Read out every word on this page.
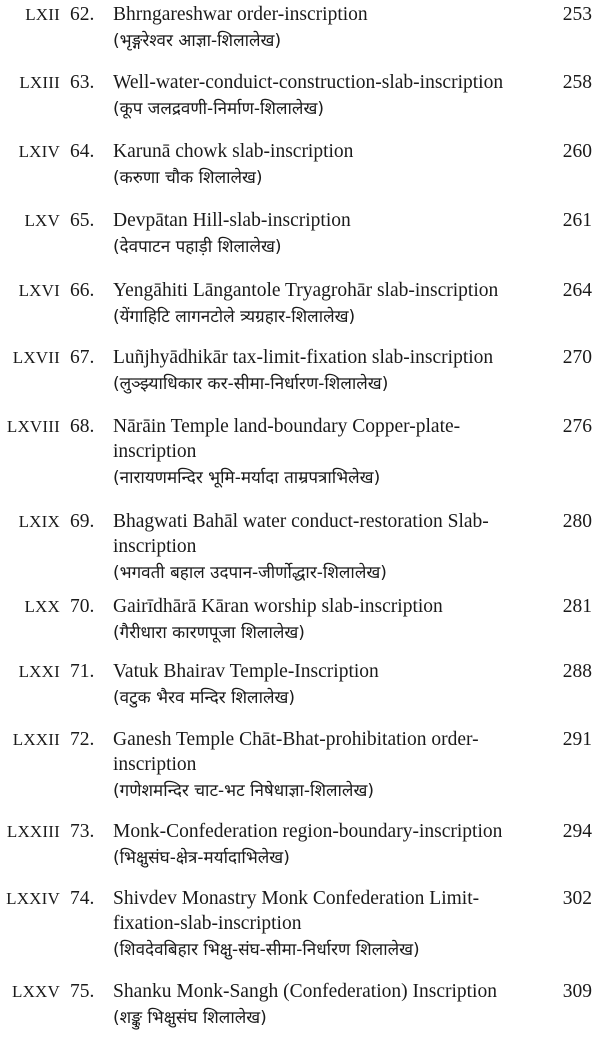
LXII 62. Bhrngareshwar order-inscription
(भृङ्गरेश्वर आज्ञा-शिलालेख)
253
LXIII 63. Well-water-conduict-construction-slab-inscription
(कूप जलद्रवणी-निर्माण-शिलालेख)
258
LXIV 64. Karunā chowk slab-inscription
(करुणा चौक शिलालेख)
260
LXV 65. Devpātan Hill-slab-inscription
(देवपाटन पहाड़ी शिलालेख)
261
LXVI 66. Yengāhiti Lāngantole Tryagrohār slab-inscription
(येंगाहिटि लागनटोले त्र्यग्रहार-शिलालेख)
264
LXVII 67. Luñjhyādhikār tax-limit-fixation slab-inscription
(लुञ्झ्याधिकार कर-सीमा-निर्धारण-शिलालेख)
270
LXVIII 68. Nārāin Temple land-boundary Copper-plate-
inscription
(नारायणमन्दिर भूमि-मर्यादा ताम्रपत्राभिलेख)
276
LXIX 69. Bhagwati Bahāl water conduct-restoration Slab-
inscription
(भगवती बहाल उदपान-जीर्णोद्धार-शिलालेख)
280
LXX 70. Gairīdhārā Kāran worship slab-inscription
(गैरीधारा कारणपूजा शिलालेख)
281
LXXI 71. Vatuk Bhairav Temple-Inscription
(वटुक भैरव मन्दिर शिलालेख)
288
LXXII 72. Ganesh Temple Chāt-Bhat-prohibitation order-
inscription
(गणेशमन्दिर चाट-भट निषेधाज्ञा-शिलालेख)
291
LXXIII 73. Monk-Confederation region-boundary-inscription
(भिक्षुसंघ-क्षेत्र-मर्यादाभिलेख)
294
LXXIV 74. Shivdev Monastry Monk Confederation Limit-
fixation-slab-inscription
(शिवदेवबिहार भिक्षु-संघ-सीमा-निर्धारण शिलालेख)
302
LXXV 75. Shanku Monk-Sangh (Confederation) Inscription
(शङ्कु भिक्षुसंघ शिलालेख)
309
